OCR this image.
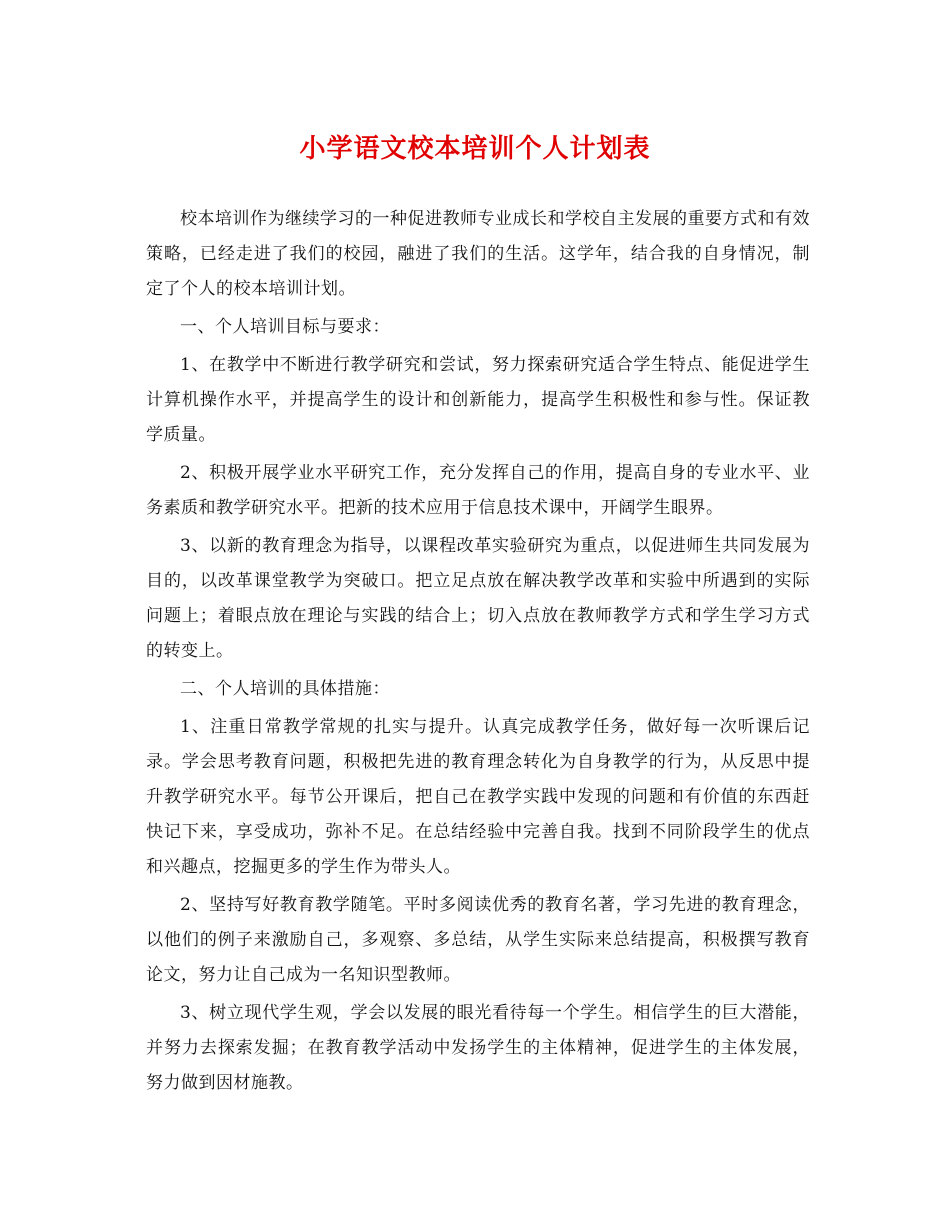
小学语文校本培训个人计划表

校本培训作为继续学习的一种促进教师专业成长和学校自主发展的重要方式和有效策略，已经走进了我们的校园，融进了我们的生活。这学年，结合我的自身情况，制定了个人的校本培训计划。

一、个人培训目标与要求：

1、在教学中不断进行教学研究和尝试，努力探索研究适合学生特点、能促进学生计算机操作水平，并提高学生的设计和创新能力，提高学生积极性和参与性。保证教学质量。

2、积极开展学业水平研究工作，充分发挥自己的作用，提高自身的专业水平、业务素质和教学研究水平。把新的技术应用于信息技术课中，开阔学生眼界。

3、以新的教育理念为指导，以课程改革实验研究为重点，以促进师生共同发展为目的，以改革课堂教学为突破口。把立足点放在解决教学改革和实验中所遇到的实际问题上；着眼点放在理论与实践的结合上；切入点放在教师教学方式和学生学习方式的转变上。

二、个人培训的具体措施：

1、注重日常教学常规的扎实与提升。认真完成教学任务，做好每一次听课后记录。学会思考教育问题，积极把先进的教育理念转化为自身教学的行为，从反思中提升教学研究水平。每节公开课后，把自己在教学实践中发现的问题和有价值的东西赶快记下来，享受成功，弥补不足。在总结经验中完善自我。找到不同阶段学生的优点和兴趣点，挖掘更多的学生作为带头人。

2、坚持写好教育教学随笔。平时多阅读优秀的教育名著，学习先进的教育理念，以他们的例子来激励自己，多观察、多总结，从学生实际来总结提高，积极撰写教育论文，努力让自己成为一名知识型教师。

3、树立现代学生观，学会以发展的眼光看待每一个学生。相信学生的巨大潜能，并努力去探索发掘；在教育教学活动中发扬学生的主体精神，促进学生的主体发展，努力做到因材施教。
